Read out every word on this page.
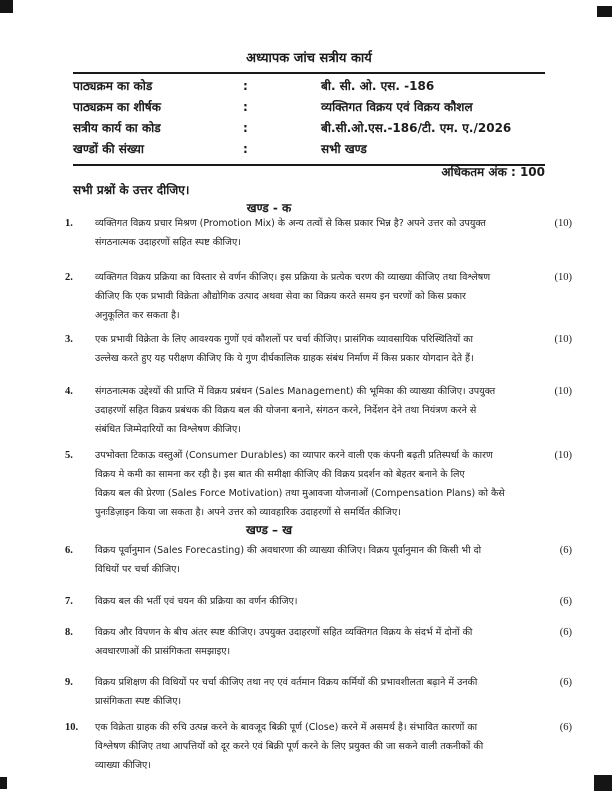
अध्यापक जांच सत्रीय कार्य
पाठ्यक्रम का कोड	:	बी. सी. ओ. एस. -186
पाठ्यक्रम का शीर्षक	:	व्यक्तिगत विक्रय एवं विक्रय कौशल
सत्रीय कार्य का कोड	:	बी.सी.ओ.एस.-186/टी. एम. ए./2026
खण्डों की संख्या	:	सभी खण्ड
अधिकतम अंक : 100
सभी प्रश्नों के उत्तर दीजिए।
खण्ड - क
1.	व्यक्तिगत विक्रय प्रचार मिश्रण (Promotion Mix) के अन्य तत्वों से किस प्रकार भिन्न है? अपने उत्तर को उपयुक्त
संगठनात्मक उदाहरणों सहित स्पष्ट कीजिए।
(10)
2.	व्यक्तिगत विक्रय प्रक्रिया का विस्तार से वर्णन कीजिए। इस प्रक्रिया के प्रत्येक चरण की व्याख्या कीजिए तथा विश्लेषण
कीजिए कि एक प्रभावी विक्रेता औद्योगिक उत्पाद अथवा सेवा का विक्रय करते समय इन चरणों को किस प्रकार
अनुकूलित कर सकता है।
(10)
3.	एक प्रभावी विक्रेता के लिए आवश्यक गुणों एवं कौशलों पर चर्चा कीजिए। प्रासंगिक व्यावसायिक परिस्थितियों का
उल्लेख करते हुए यह परीक्षण कीजिए कि ये गुण दीर्घकालिक ग्राहक संबंध निर्माण में किस प्रकार योगदान देते हैं।
(10)
4.	संगठनात्मक उद्देश्यों की प्राप्ति में विक्रय प्रबंधन (Sales Management) की भूमिका की व्याख्या कीजिए। उपयुक्त
उदाहरणों सहित विक्रय प्रबंधक की विक्रय बल की योजना बनाने, संगठन करने, निर्देशन देने तथा नियंत्रण करने से
संबंधित जिम्मेदारियों का विश्लेषण कीजिए।
(10)
5.	उपभोक्ता टिकाऊ वस्तुओं (Consumer Durables) का व्यापार करने वाली एक कंपनी बढ़ती प्रतिस्पर्धा के कारण
विक्रय मे कमी का सामना कर रही है। इस बात की समीक्षा कीजिए की विक्रय प्रदर्शन को बेहतर बनाने के लिए
विक्रय बल की प्रेरणा (Sales Force Motivation) तथा मुआवजा योजनाओं (Compensation Plans) को कैसे
पुनःडिज़ाइन किया जा सकता है। अपने उत्तर को व्यावहारिक उदाहरणों से समर्थित कीजिए।
(10)
खण्ड – ख
6.	विक्रय पूर्वानुमान (Sales Forecasting) की अवधारणा की व्याख्या कीजिए। विक्रय पूर्वानुमान की किसी भी दो
विधियों पर चर्चा कीजिए।
(6)
7.	विक्रय बल की भर्ती एवं चयन की प्रक्रिया का वर्णन कीजिए।	(6)
8.	विक्रय और विपणन के बीच अंतर स्पष्ट कीजिए। उपयुक्त उदाहरणों सहित व्यक्तिगत विक्रय के संदर्भ में दोनों की
अवधारणाओं की प्रासंगिकता समझाइए।
(6)
9.	विक्रय प्रशिक्षण की विधियों पर चर्चा कीजिए तथा नए एवं वर्तमान विक्रय कर्मियों की प्रभावशीलता बढ़ाने में उनकी
प्रासंगिकता स्पष्ट कीजिए।
(6)
10.	एक विक्रेता ग्राहक की रुचि उत्पन्न करने के बावजूद बिक्री पूर्ण (Close) करने में असमर्थ है। संभावित कारणों का
विश्लेषण कीजिए तथा आपत्तियों को दूर करने एवं बिक्री पूर्ण करने के लिए प्रयुक्त की जा सकने वाली तकनीकों की
व्याख्या कीजिए।
(6)
